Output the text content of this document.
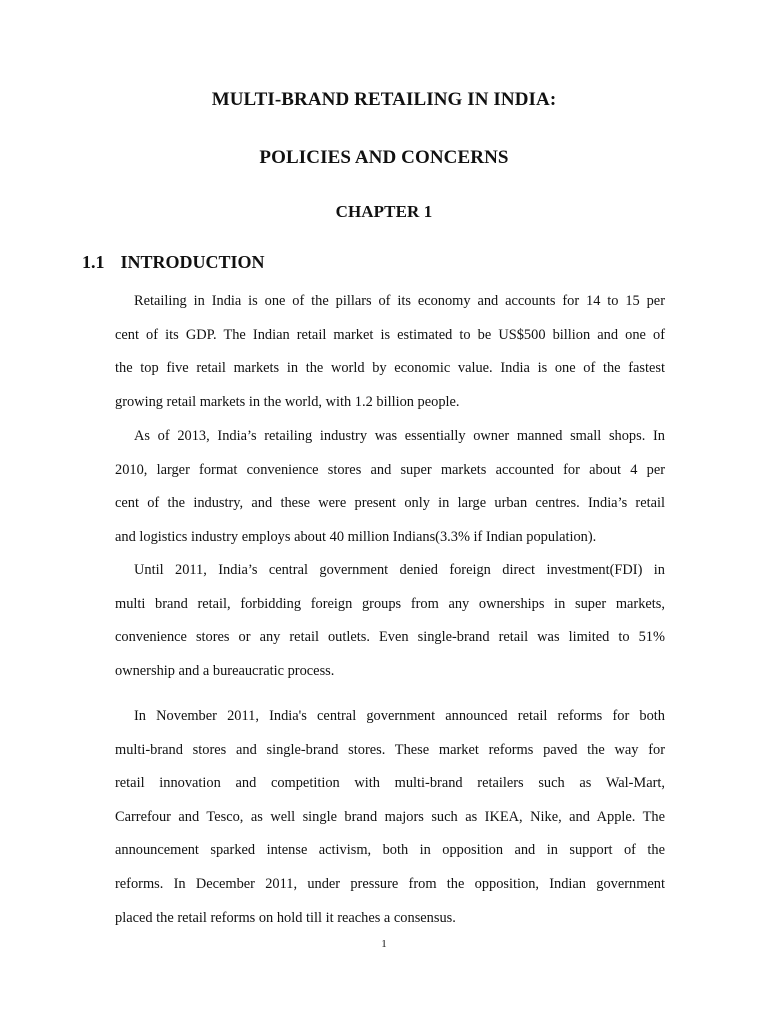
MULTI-BRAND RETAILING IN INDIA:
POLICIES AND CONCERNS
CHAPTER 1
1.1 INTRODUCTION
Retailing in India is one of the pillars of its economy and accounts for 14 to 15 per
cent of its GDP. The Indian retail market is estimated to be US$500 billion and one of
the top five retail markets in the world by economic value. India is one of the fastest
growing retail markets in the world, with 1.2 billion people.
As of 2013, India’s retailing industry was essentially owner manned small shops. In
2010, larger format convenience stores and super markets accounted for about 4 per
cent of the industry, and these were present only in large urban centres. India’s retail
and logistics industry employs about 40 million Indians(3.3% if Indian population).
Until 2011, India’s central government denied foreign direct investment(FDI) in
multi brand retail, forbidding foreign groups from any ownerships in super markets,
convenience stores or any retail outlets. Even single-brand retail was limited to 51%
ownership and a bureaucratic process.
In November 2011, India's central government announced retail reforms for both
multi-brand stores and single-brand stores. These market reforms paved the way for
retail innovation and competition with multi-brand retailers such as Wal-Mart,
Carrefour and Tesco, as well single brand majors such as IKEA, Nike, and Apple. The
announcement sparked intense activism, both in opposition and in support of the
reforms. In December 2011, under pressure from the opposition, Indian government
placed the retail reforms on hold till it reaches a consensus.
1
